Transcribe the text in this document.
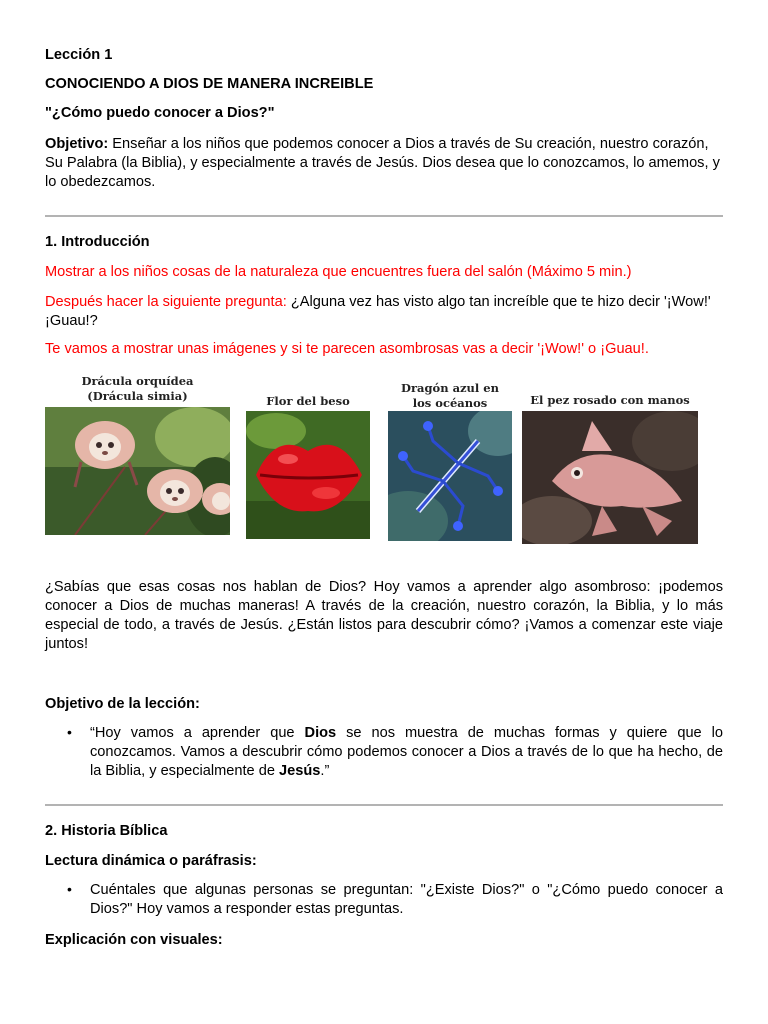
Lección 1

CONOCIENDO A DIOS DE MANERA INCREIBLE

"¿Cómo puedo conocer a Dios?"

Objetivo: Enseñar a los niños que podemos conocer a Dios a través de Su creación, nuestro corazón, Su Palabra (la Biblia), y especialmente a través de Jesús. Dios desea que lo conozcamos, lo amemos, y lo obedezcamos.

1. Introducción

Mostrar a los niños cosas de la naturaleza que encuentres fuera del salón (Máximo 5 min.)

Después hacer la siguiente pregunta: ¿Alguna vez has visto algo tan increíble que te hizo decir '¡Wow!' ¡Guau!?

Te vamos a mostrar unas imágenes y si te parecen asombrosas vas a decir '¡Wow!' o ¡Guau!.

Drácula orquídea
(Drácula simia)	Flor del beso
Dragón azul en
los océanos	El pez rosado con manos

¿Sabías que esas cosas nos hablan de Dios? Hoy vamos a aprender algo asombroso: ¡podemos conocer a Dios de muchas maneras! A través de la creación, nuestro corazón, la Biblia, y lo más especial de todo, a través de Jesús. ¿Están listos para descubrir cómo? ¡Vamos a comenzar este viaje juntos!

Objetivo de la lección:

• “Hoy vamos a aprender que Dios se nos muestra de muchas formas y quiere que lo conozcamos. Vamos a descubrir cómo podemos conocer a Dios a través de lo que ha hecho, de la Biblia, y especialmente de Jesús.”

2. Historia Bíblica

Lectura dinámica o paráfrasis:

• Cuéntales que algunas personas se preguntan: "¿Existe Dios?" o "¿Cómo puedo conocer a Dios?" Hoy vamos a responder estas preguntas.

Explicación con visuales:
